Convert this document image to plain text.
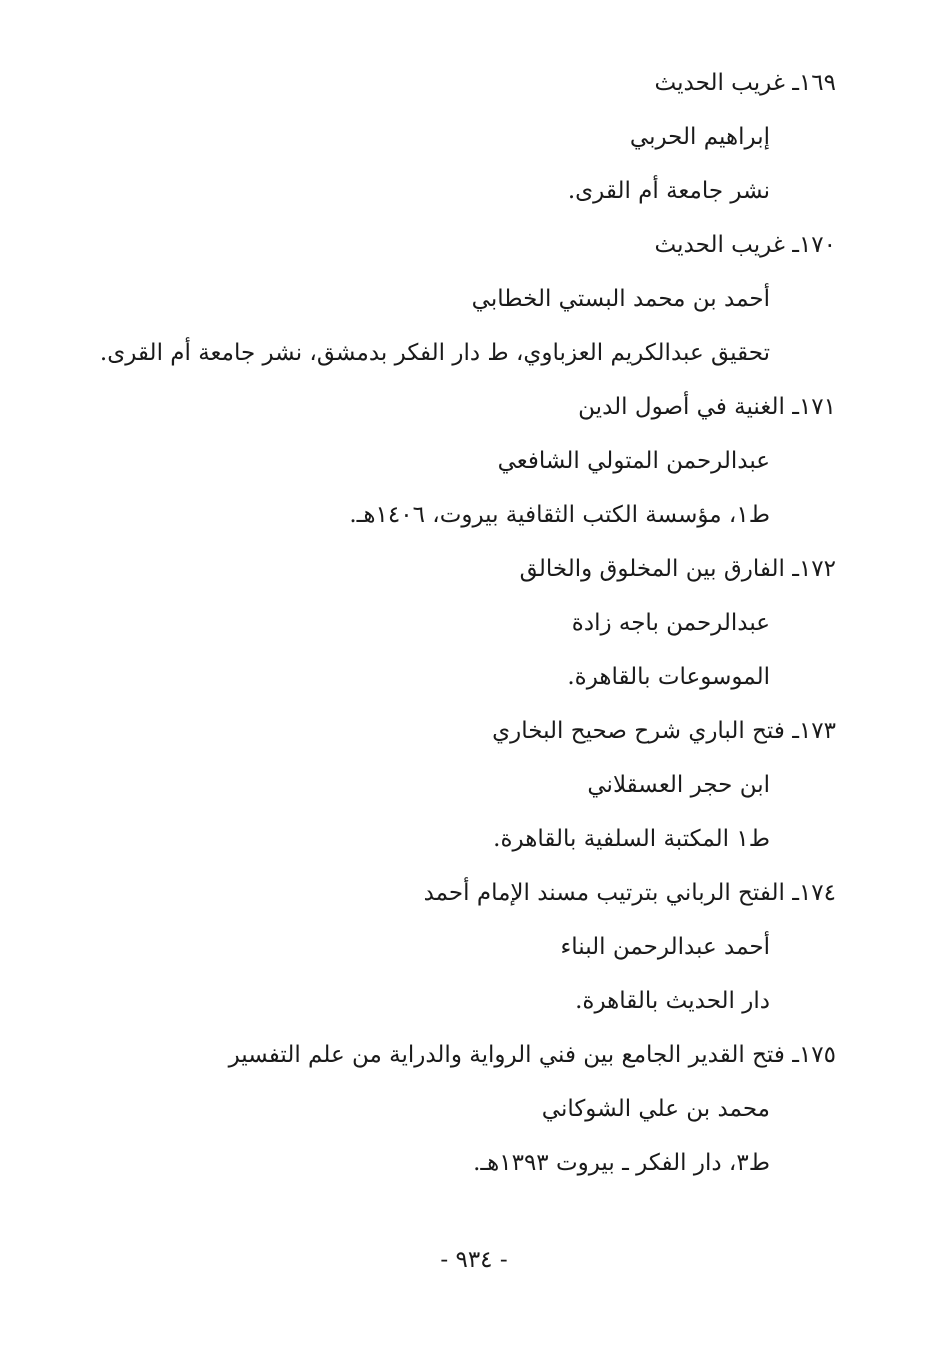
١٦٩ـ غريب الحديث
إبراهيم الحربي
نشر جامعة أم القرى.
١٧٠ـ غريب الحديث
أحمد بن محمد البستي الخطابي
تحقيق عبدالكريم العزباوي، ط دار الفكر بدمشق، نشر جامعة أم القرى.
١٧١ـ الغنية في أصول الدين
عبدالرحمن المتولي الشافعي
ط١، مؤسسة الكتب الثقافية بيروت، ١٤٠٦هـ.
١٧٢ـ الفارق بين المخلوق والخالق
عبدالرحمن باجه زادة
الموسوعات بالقاهرة.
١٧٣ـ فتح الباري شرح صحيح البخاري
ابن حجر العسقلاني
ط١ المكتبة السلفية بالقاهرة.
١٧٤ـ الفتح الرباني بترتيب مسند الإمام أحمد
أحمد عبدالرحمن البناء
دار الحديث بالقاهرة.
١٧٥ـ فتح القدير الجامع بين فني الرواية والدراية من علم التفسير
محمد بن علي الشوكاني
ط٣، دار الفكر ـ بيروت ١٣٩٣هـ.
- ٩٣٤ -
